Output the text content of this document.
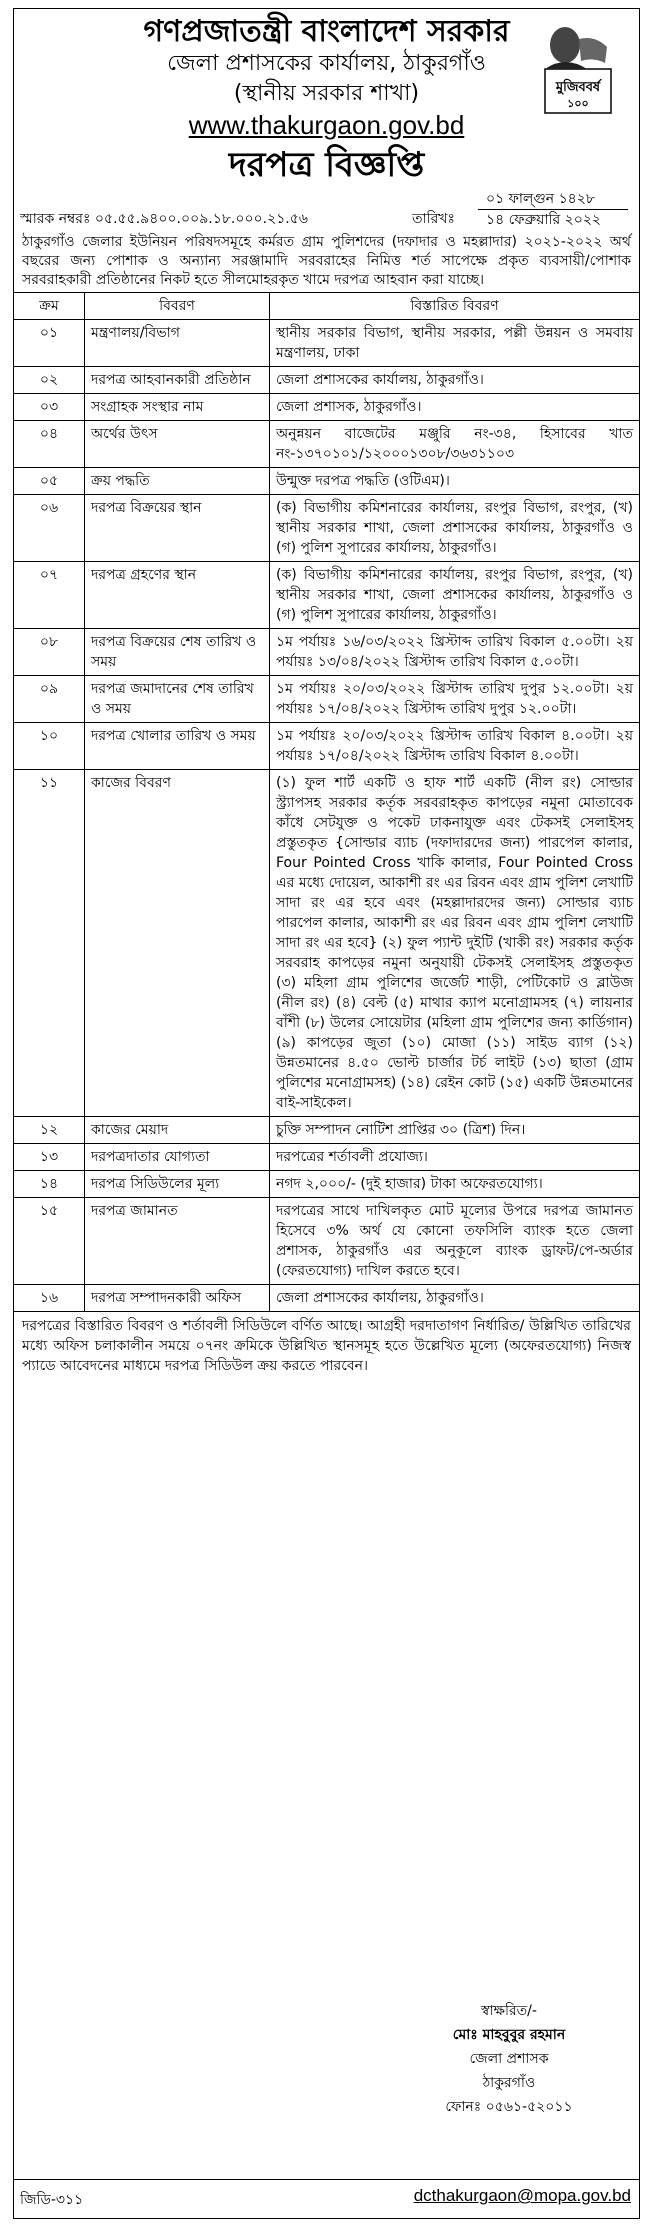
গণপ্রজাতন্ত্রী বাংলাদেশ সরকার
জেলা প্রশাসকের কার্যালয়, ঠাকুরগাঁও
(স্থানীয় সরকার শাখা)
www.thakurgaon.gov.bd
দরপত্র বিজ্ঞপ্তি
মুজিববর্ষ
১০০
স্মারক নম্বরঃ ০৫.৫৫.৯৪০০.০০৯.১৮.০০০.২১.৫৬	তারিখঃ
০১ ফাল্গুন ১৪২৮
১৪ ফেব্রুয়ারি ২০২২
ঠাকুরগাঁও জেলার ইউনিয়ন পরিষদসমূহে কর্মরত গ্রাম পুলিশদের (দফাদার ও মহল্লাদার) ২০২১-২০২২ অর্থ বছরের জন্য পোশাক ও অন্যান্য সরঞ্জামাদি সরবরাহের নিমিত্ত শর্ত সাপেক্ষে প্রকৃত ব্যবসায়ী/পোশাক সরবরাহকারী প্রতিষ্ঠানের নিকট হতে সীলমোহরকৃত খামে দরপত্র আহবান করা যাচ্ছে।
ক্রম	বিবরণ	বিস্তারিত বিবরণ
০১	মন্ত্রণালয়/বিভাগ	স্থানীয় সরকার বিভাগ, স্থানীয় সরকার, পল্লী উন্নয়ন ও সমবায় মন্ত্রণালয়, ঢাকা
০২	দরপত্র আহবানকারী প্রতিষ্ঠান	জেলা প্রশাসকের কার্যালয়, ঠাকুরগাঁও।
০৩	সংগ্রাহক সংস্থার নাম	জেলা প্রশাসক, ঠাকুরগাঁও।
০৪	অর্থের উৎস	অনুন্নয়ন বাজেটের মঞ্জুরি নং-৩৪, হিসাবের খাত নং-১৩৭০১০১/১২০০০১৩০৮/৩৬৩১১০৩
০৫	ক্রয় পদ্ধতি	উন্মুক্ত দরপত্র পদ্ধতি (ওটিএম)।
০৬	দরপত্র বিক্রয়ের স্থান	(ক) বিভাগীয় কমিশনারের কার্যালয়, রংপুর বিভাগ, রংপুর, (খ) স্থানীয় সরকার শাখা, জেলা প্রশাসকের কার্যালয়, ঠাকুরগাঁও ও (গ) পুলিশ সুপারের কার্যালয়, ঠাকুরগাঁও।
০৭	দরপত্র গ্রহণের স্থান	(ক) বিভাগীয় কমিশনারের কার্যালয়, রংপুর বিভাগ, রংপুর, (খ) স্থানীয় সরকার শাখা, জেলা প্রশাসকের কার্যালয়, ঠাকুরগাঁও ও (গ) পুলিশ সুপারের কার্যালয়, ঠাকুরগাঁও।
০৮	দরপত্র বিক্রয়ের শেষ তারিখ ও সময়	১ম পর্যায়ঃ ১৬/০৩/২০২২ খ্রিস্টাব্দ তারিখ বিকাল ৫.০০টা। ২য় পর্যায়ঃ ১৩/০৪/২০২২ খ্রিস্টাব্দ তারিখ বিকাল ৫.০০টা।
০৯	দরপত্র জমাদানের শেষ তারিখ ও সময়	১ম পর্যায়ঃ ২০/০৩/২০২২ খ্রিস্টাব্দ তারিখ দুপুর ১২.০০টা। ২য় পর্যায়ঃ ১৭/০৪/২০২২ খ্রিস্টাব্দ তারিখ দুপুর ১২.০০টা।
১০	দরপত্র খোলার তারিখ ও সময়	১ম পর্যায়ঃ ২০/০৩/২০২২ খ্রিস্টাব্দ তারিখ বিকাল ৪.০০টা। ২য় পর্যায়ঃ ১৭/০৪/২০২২ খ্রিস্টাব্দ তারিখ বিকাল ৪.০০টা।
১১	কাজের বিবরণ	(১) ফুল শার্ট একটি ও হাফ শার্ট একটি (নীল রং) সোল্ডার স্ট্র্যাপসহ সরকার কর্তৃক সরবরাহকৃত কাপড়ের নমুনা মোতাবেক কাঁধে সেটযুক্ত ও পকেট ঢাকনাযুক্ত এবং টেকসই সেলাইসহ প্রস্তুতকৃত {সোল্ডার ব্যাচ (দফাদারদের জন্য) পারপেল কালার, Four Pointed Cross খাকি কালার, Four Pointed Cross এর মধ্যে দোয়েল, আকাশী রং এর রিবন এবং গ্রাম পুলিশ লেখাটি সাদা রং এর হবে এবং (মহল্লাদারদের জন্য) সোল্ডার ব্যাচ পারপেল কালার, আকাশী রং এর রিবন এবং গ্রাম পুলিশ লেখাটি সাদা রং এর হবে} (২) ফুল প্যান্ট দুইটি (খাকী রং) সরকার কর্তৃক সরবরাহ কাপড়ের নমুনা অনুযায়ী টেকসই সেলাইসহ প্রস্তুতকৃত (৩) মহিলা গ্রাম পুলিশের জর্জেট শাড়ী, পেটিকোট ও ব্লাউজ (নীল রং) (৪) বেল্ট (৫) মাথার ক্যাপ মনোগ্রামসহ (৭) লায়নার বাঁশী (৮) উলের সোয়েটার (মহিলা গ্রাম পুলিশের জন্য কার্ডিগান) (৯) কাপড়ের জুতা (১০) মোজা (১১) সাইড ব্যাগ (১২) উন্নতমানের ৪.৫০ ভোল্ট চার্জার টর্চ লাইট (১৩) ছাতা (গ্রাম পুলিশের মনোগ্রামসহ) (১৪) রেইন কোট (১৫) একটি উন্নতমানের বাই-সাইকেল।
১২	কাজের মেয়াদ	চুক্তি সম্পাদন নোটিশ প্রাপ্তির ৩০ (ত্রিশ) দিন।
১৩	দরপত্রদাতার যোগ্যতা	দরপত্রের শর্তাবলী প্রযোজ্য।
১৪	দরপত্র সিডিউলের মূল্য	নগদ ২,০০০/- (দুই হাজার) টাকা অফেরতযোগ্য।
১৫	দরপত্র জামানত	দরপত্রের সাথে দাখিলকৃত মোট মূল্যের উপরে দরপত্র জামানত হিসেবে ৩% অর্থ যে কোনো তফসিলি ব্যাংক হতে জেলা প্রশাসক, ঠাকুরগাঁও এর অনুকূলে ব্যাংক ড্রাফট/পে-অর্ডার (ফেরতযোগ্য) দাখিল করতে হবে।
১৬	দরপত্র সম্পাদনকারী অফিস	জেলা প্রশাসকের কার্যালয়, ঠাকুরগাঁও।
দরপত্রের বিস্তারিত বিবরণ ও শর্তাবলী সিডিউলে বর্ণিত আছে। আগ্রহী দরদাতাগণ নির্ধারিত/ উল্লিখিত তারিখের মধ্যে অফিস চলাকালীন সময়ে ০৭নং ক্রমিকে উল্লিখিত স্থানসমূহ হতে উল্লেখিত মূল্যে (অফেরতযোগ্য) নিজস্ব প্যাডে আবেদনের মাধ্যমে দরপত্র সিডিউল ক্রয় করতে পারবেন।
স্বাক্ষরিত/-
মোঃ মাহবুবুর রহমান
জেলা প্রশাসক
ঠাকুরগাঁও
ফোনঃ ০৫৬১-৫২০১১
জিডি-৩১১	dcthakurgaon@mopa.gov.bd
